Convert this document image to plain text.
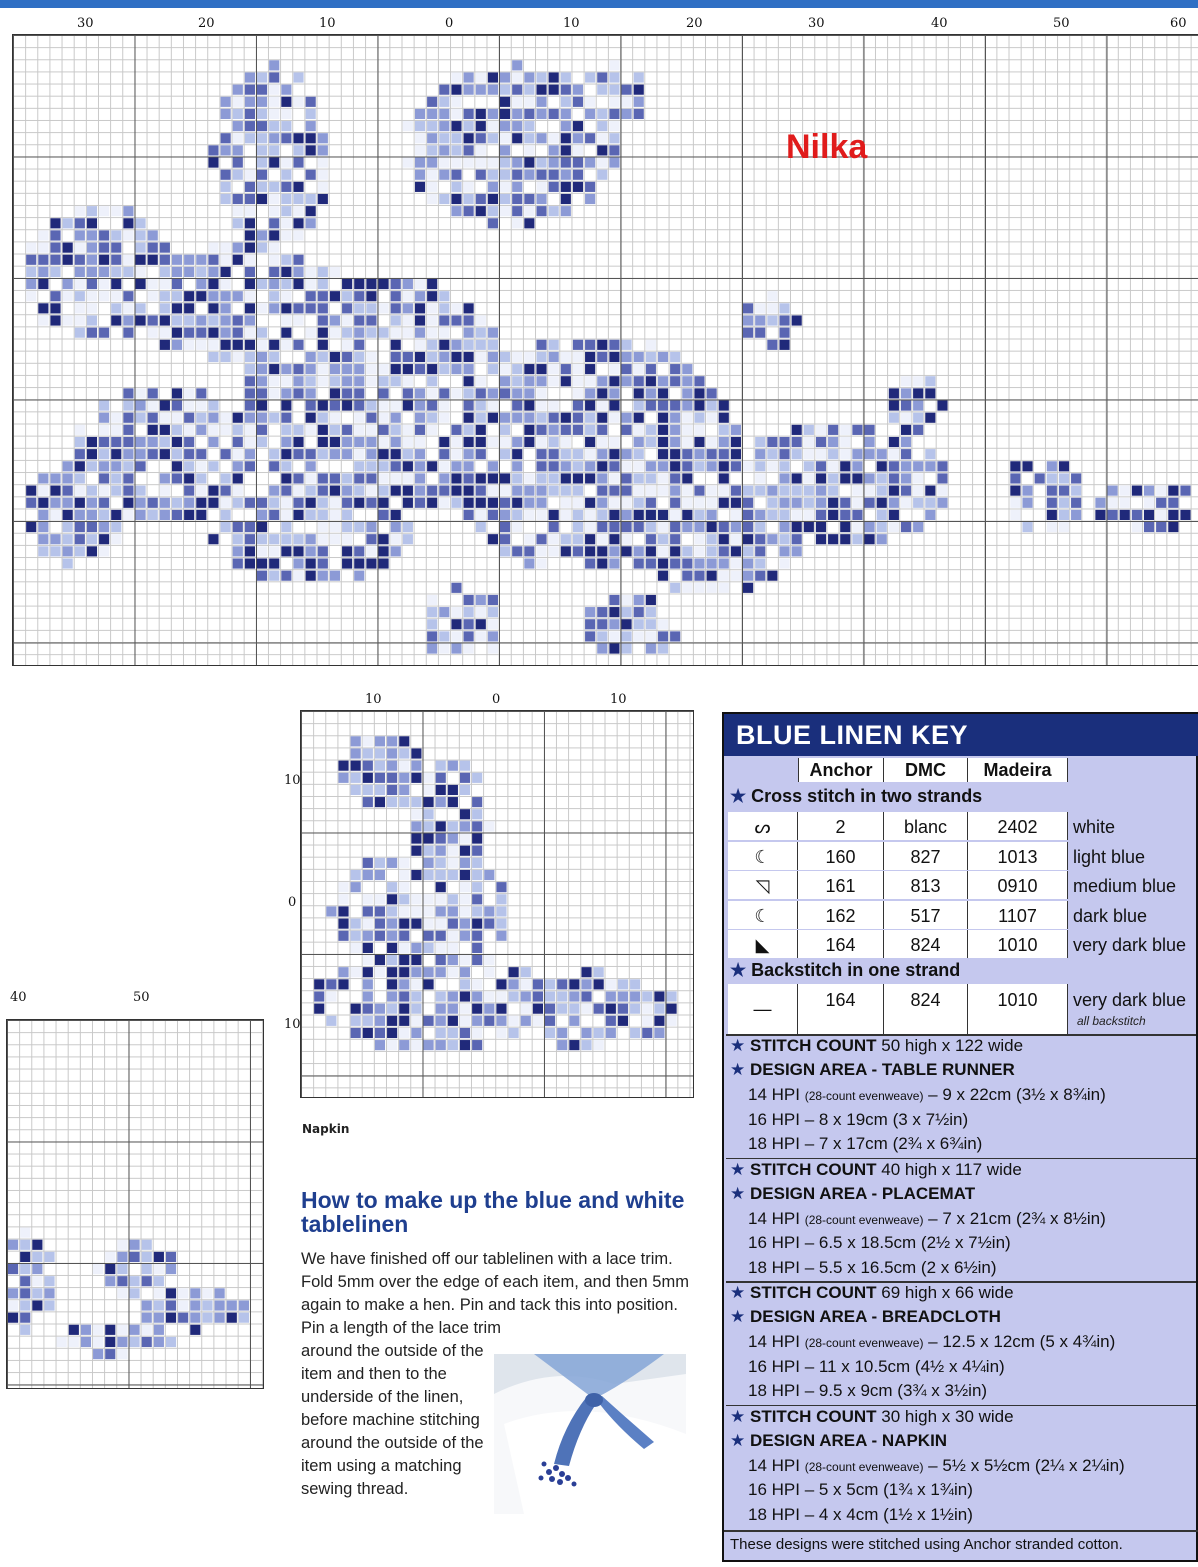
30	20	10	0	10	20	30	40	50	60
Nilka
10	0	10
10
0
10
Napkin
40	50
How to make up the blue and white tablelinen
We have finished off our tablelinen with a lace trim. Fold 5mm over the edge of each item, and then 5mm again to make a hen. Pin and tack this into position. Pin a length of the lace trim
around the outside of the item and then to the underside of the linen, before machine stitching around the outside of the item using a matching sewing thread.
BLUE LINEN KEY
Anchor	DMC	Madeira
★ Cross stitch in two strands
ᔕ	2	blanc	2402	white
☾	160	827	1013	light blue
◹	161	813	0910	medium blue
☾	162	517	1107	dark blue
◣	164	824	1010	very dark blue
★ Backstitch in one strand
—	164	824	1010	very dark blue
all backstitch
★ STITCH COUNT 50 high x 122 wide
★ DESIGN AREA - TABLE RUNNER
14 HPI (28-count evenweave) – 9 x 22cm (3½ x 8¾in)
16 HPI – 8 x 19cm (3 x 7½in)
18 HPI – 7 x 17cm (2¾ x 6¾in)
★ STITCH COUNT 40 high x 117 wide
★ DESIGN AREA - PLACEMAT
14 HPI (28-count evenweave) – 7 x 21cm (2¾ x 8½in)
16 HPI – 6.5 x 18.5cm (2½ x 7½in)
18 HPI – 5.5 x 16.5cm (2 x 6½in)
★ STITCH COUNT 69 high x 66 wide
★ DESIGN AREA - BREADCLOTH
14 HPI (28-count evenweave) – 12.5 x 12cm (5 x 4¾in)
16 HPI – 11 x 10.5cm (4½ x 4¼in)
18 HPI – 9.5 x 9cm (3¾ x 3½in)
★ STITCH COUNT 30 high x 30 wide
★ DESIGN AREA - NAPKIN
14 HPI (28-count evenweave) – 5½ x 5½cm (2¼ x 2¼in)
16 HPI – 5 x 5cm (1¾ x 1¾in)
18 HPI – 4 x 4cm (1½ x 1½in)
These designs were stitched using Anchor stranded cotton.
